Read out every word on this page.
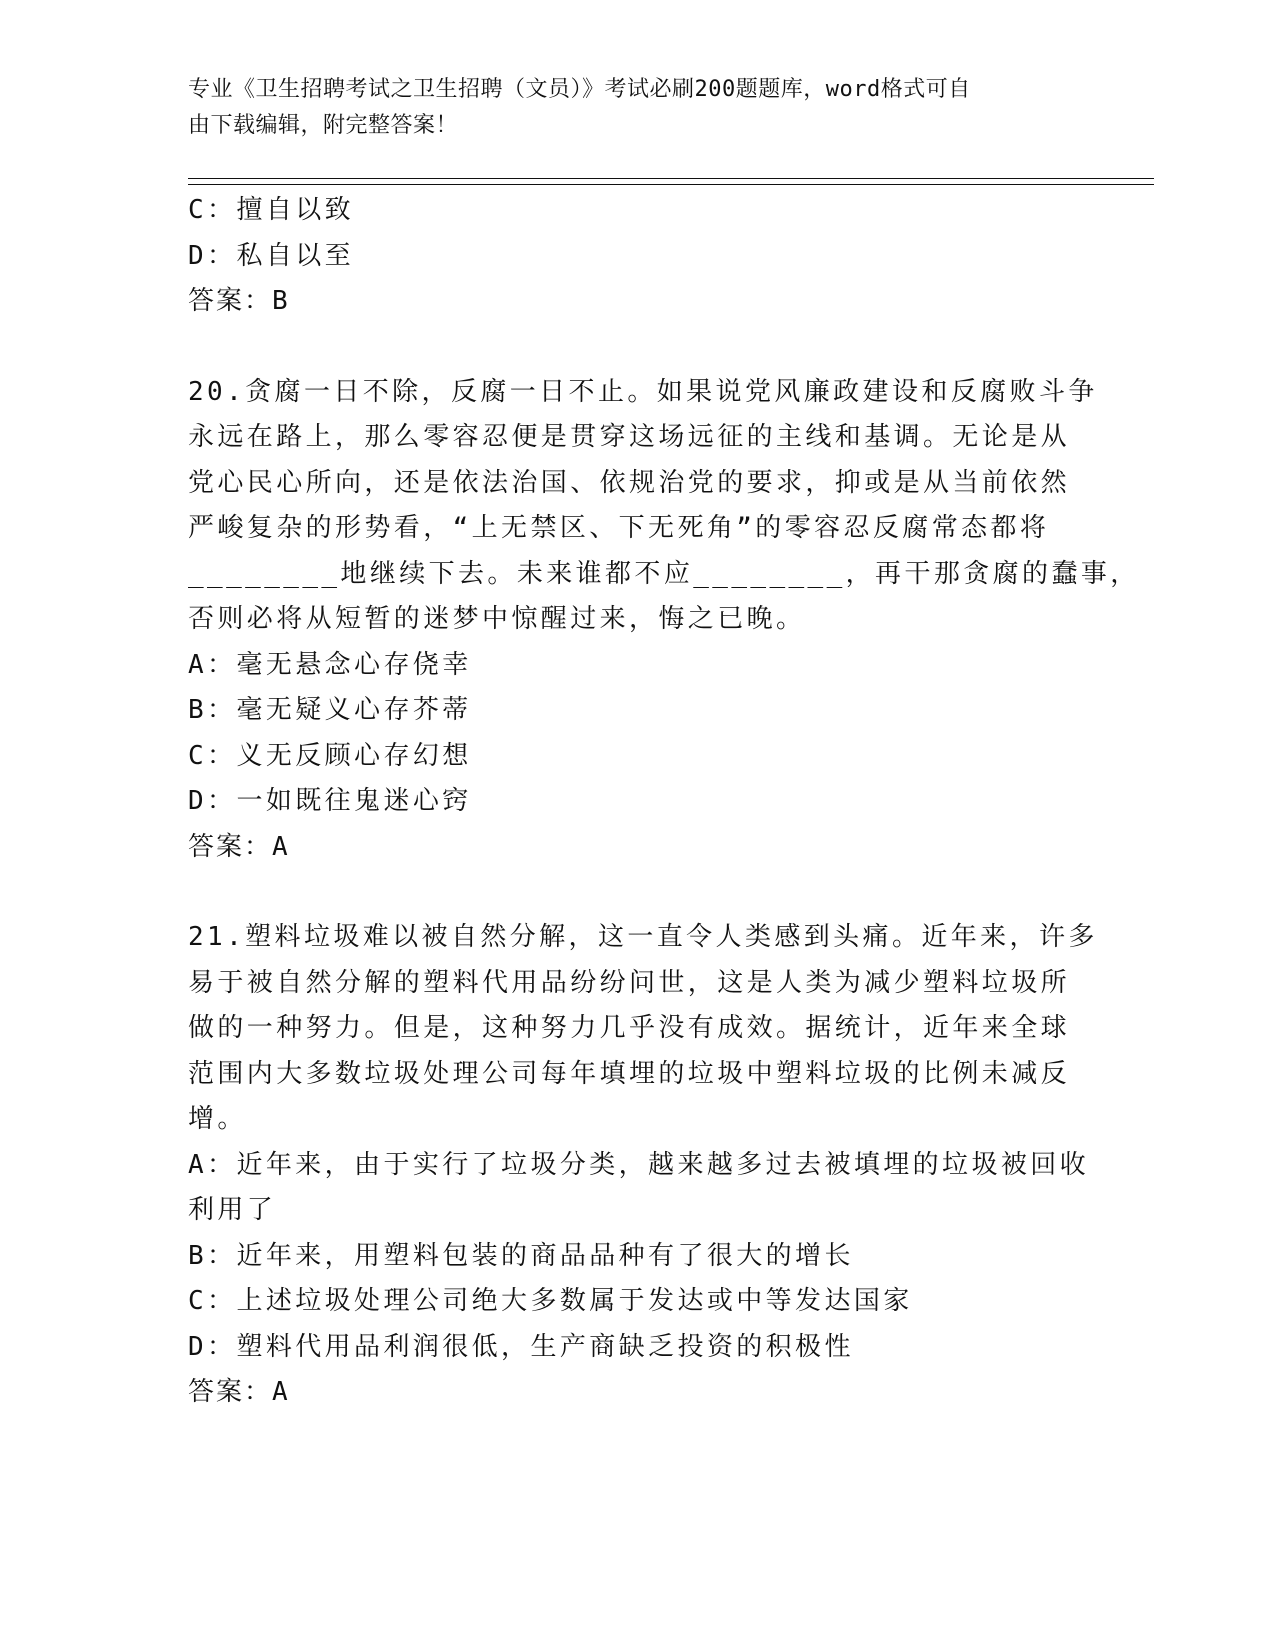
专业《卫生招聘考试之卫生招聘（文员）》考试必刷200题题库，word格式可自
由下载编辑，附完整答案！
C：擅自以致
D：私自以至
答案：B
20.贪腐一日不除，反腐一日不止。如果说党风廉政建设和反腐败斗争
永远在路上，那么零容忍便是贯穿这场远征的主线和基调。无论是从
党心民心所向，还是依法治国、依规治党的要求，抑或是从当前依然
严峻复杂的形势看，“上无禁区、下无死角”的零容忍反腐常态都将
________地继续下去。未来谁都不应________，再干那贪腐的蠢事，
否则必将从短暂的迷梦中惊醒过来，悔之已晚。
A：毫无悬念心存侥幸
B：毫无疑义心存芥蒂
C：义无反顾心存幻想
D：一如既往鬼迷心窍
答案：A
21.塑料垃圾难以被自然分解，这一直令人类感到头痛。近年来，许多
易于被自然分解的塑料代用品纷纷问世，这是人类为减少塑料垃圾所
做的一种努力。但是，这种努力几乎没有成效。据统计，近年来全球
范围内大多数垃圾处理公司每年填埋的垃圾中塑料垃圾的比例未减反
增。
A：近年来，由于实行了垃圾分类，越来越多过去被填埋的垃圾被回收
利用了
B：近年来，用塑料包装的商品品种有了很大的增长
C：上述垃圾处理公司绝大多数属于发达或中等发达国家
D：塑料代用品利润很低，生产商缺乏投资的积极性
答案：A
